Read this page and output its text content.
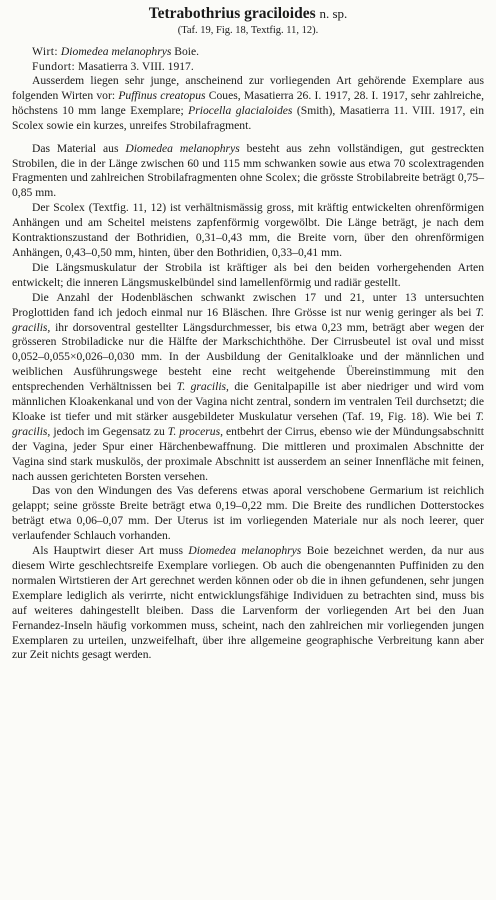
Tetrabothrius graciloides n. sp.
(Taf. 19, Fig. 18, Textfig. 11, 12).

Wirt: Diomedea melanophrys Boie.

Fundort: Masatierra 3. VIII. 1917.

Ausserdem liegen sehr junge, anscheinend zur vorliegenden Art gehörende Exemplare aus folgenden Wirten vor: Puffinus creatopus Coues, Masatierra 26. I. 1917, 28. I. 1917, sehr zahlreiche, höchstens 10 mm lange Exemplare; Priocella glacialoides (Smith), Masatierra 11. VIII. 1917, ein Scolex sowie ein kurzes, unreifes Strobilafragment.

Das Material aus Diomedea melanophrys besteht aus zehn vollständigen, gut gestreckten Strobilen, die in der Länge zwischen 60 und 115 mm schwanken sowie aus etwa 70 scolextragenden Fragmenten und zahlreichen Strobilafragmenten ohne Scolex; die grösste Strobilabreite beträgt 0,75–0,85 mm.

Der Scolex (Textfig. 11, 12) ist verhältnismässig gross, mit kräftig entwickelten ohrenförmigen Anhängen und am Scheitel meistens zapfenförmig vorgewölbt. Die Länge beträgt, je nach dem Kontraktionszustand der Bothridien, 0,31–0,43 mm, die Breite vorn, über den ohrenförmigen Anhängen, 0,43–0,50 mm, hinten, über den Bothridien, 0,33–0,41 mm.

Die Längsmuskulatur der Strobila ist kräftiger als bei den beiden vorhergehenden Arten entwickelt; die inneren Längsmuskelbündel sind lamellenförmig und radiär gestellt.

Die Anzahl der Hodenbläschen schwankt zwischen 17 und 21, unter 13 untersuchten Proglottiden fand ich jedoch einmal nur 16 Bläschen. Ihre Grösse ist nur wenig geringer als bei T. gracilis, ihr dorsoventral gestellter Längsdurchmesser, bis etwa 0,23 mm, beträgt aber wegen der grösseren Strobiladicke nur die Hälfte der Markschichthöhe. Der Cirrusbeutel ist oval und misst 0,052–0,055×0,026–0,030 mm. In der Ausbildung der Genitalkloake und der männlichen und weiblichen Ausführungswege besteht eine recht weitgehende Übereinstimmung mit den entsprechenden Verhältnissen bei T. gracilis, die Genitalpapille ist aber niedriger und wird vom männlichen Kloakenkanal und von der Vagina nicht zentral, sondern im ventralen Teil durchsetzt; die Kloake ist tiefer und mit stärker ausgebildeter Muskulatur versehen (Taf. 19, Fig. 18). Wie bei T. gracilis, jedoch im Gegensatz zu T. procerus, entbehrt der Cirrus, ebenso wie der Mündungsabschnitt der Vagina, jeder Spur einer Härchenbewaffnung. Die mittleren und proximalen Abschnitte der Vagina sind stark muskulös, der proximale Abschnitt ist ausserdem an seiner Innenfläche mit feinen, nach aussen gerichteten Borsten versehen.

Das von den Windungen des Vas deferens etwas aporal verschobene Germarium ist reichlich gelappt; seine grösste Breite beträgt etwa 0,19–0,22 mm. Die Breite des rundlichen Dotterstockes beträgt etwa 0,06–0,07 mm. Der Uterus ist im vorliegenden Materiale nur als noch leerer, quer verlaufender Schlauch vorhanden.

Als Hauptwirt dieser Art muss Diomedea melanophrys Boie bezeichnet werden, da nur aus diesem Wirte geschlechtsreife Exemplare vorliegen. Ob auch die obengenannten Puffiniden zu den normalen Wirtstieren der Art gerechnet werden können oder ob die in ihnen gefundenen, sehr jungen Exemplare lediglich als verirrte, nicht entwicklungsfähige Individuen zu betrachten sind, muss bis auf weiteres dahingestellt bleiben. Dass die Larvenform der vorliegenden Art bei den Juan Fernandez-Inseln häufig vorkommen muss, scheint, nach den zahlreichen mir vorliegenden jungen Exemplaren zu urteilen, unzweifelhaft, über ihre allgemeine geographische Verbreitung kann aber zur Zeit nichts gesagt werden.
